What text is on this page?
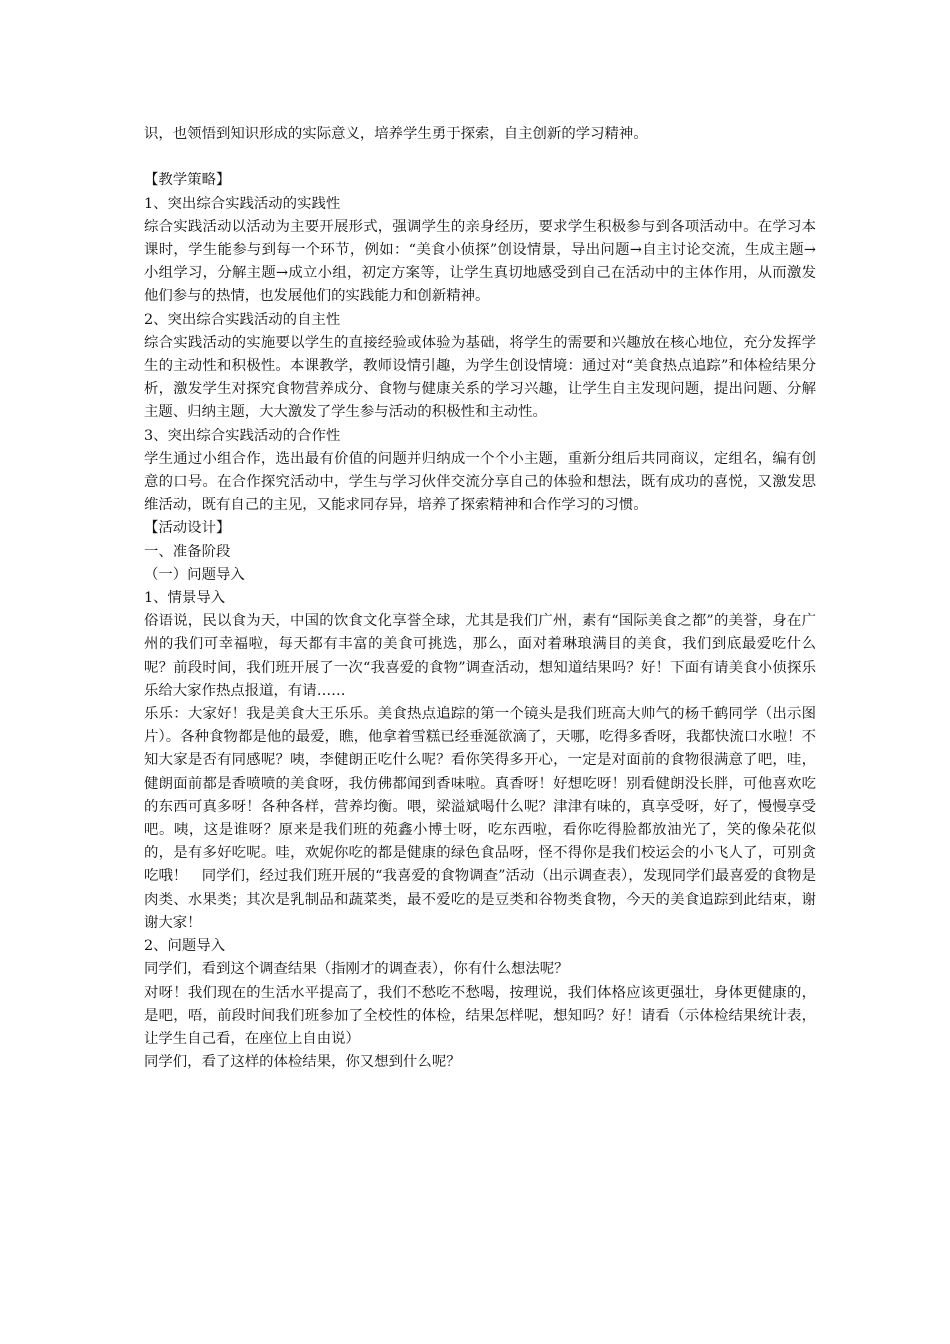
识，也领悟到知识形成的实际意义，培养学生勇于探索，自主创新的学习精神。

【教学策略】

1、突出综合实践活动的实践性

综合实践活动以活动为主要开展形式，强调学生的亲身经历，要求学生积极参与到各项活动中。在学习本课时，学生能参与到每一个环节，例如：“美食小侦探”创设情景，导出问题→自主讨论交流，生成主题→小组学习，分解主题→成立小组，初定方案等，让学生真切地感受到自己在活动中的主体作用，从而激发他们参与的热情，也发展他们的实践能力和创新精神。

2、突出综合实践活动的自主性

综合实践活动的实施要以学生的直接经验或体验为基础，将学生的需要和兴趣放在核心地位，充分发挥学生的主动性和积极性。本课教学，教师设情引趣，为学生创设情境：通过对“美食热点追踪”和体检结果分析，激发学生对探究食物营养成分、食物与健康关系的学习兴趣，让学生自主发现问题，提出问题、分解主题、归纳主题，大大激发了学生参与活动的积极性和主动性。

3、突出综合实践活动的合作性

学生通过小组合作，选出最有价值的问题并归纳成一个个小主题，重新分组后共同商议，定组名，编有创意的口号。在合作探究活动中，学生与学习伙伴交流分享自己的体验和想法，既有成功的喜悦，又激发思维活动，既有自己的主见，又能求同存异，培养了探索精神和合作学习的习惯。

【活动设计】

一、准备阶段

（一）问题导入

1、情景导入

俗语说，民以食为天，中国的饮食文化享誉全球，尤其是我们广州，素有“国际美食之都”的美誉，身在广州的我们可幸福啦，每天都有丰富的美食可挑选，那么，面对着琳琅满目的美食，我们到底最爱吃什么呢？前段时间，我们班开展了一次“我喜爱的食物”调查活动，想知道结果吗？好！下面有请美食小侦探乐乐给大家作热点报道，有请……

乐乐：大家好！我是美食大王乐乐。美食热点追踪的第一个镜头是我们班高大帅气的杨千鹤同学（出示图片）。各种食物都是他的最爱，瞧，他拿着雪糕已经垂涎欲滴了，天哪，吃得多香呀，我都快流口水啦！不知大家是否有同感呢？咦，李健朗正吃什么呢？看你笑得多开心，一定是对面前的食物很满意了吧，哇，健朗面前都是香喷喷的美食呀，我仿佛都闻到香味啦。真香呀！好想吃呀！别看健朗没长胖，可他喜欢吃的东西可真多呀！各种各样，营养均衡。喂，梁溢斌喝什么呢？津津有味的，真享受呀，好了，慢慢享受吧。咦，这是谁呀？原来是我们班的苑鑫小博士呀，吃东西啦，看你吃得脸都放油光了，笑的像朵花似的，是有多好吃呢。哇，欢妮你吃的都是健康的绿色食品呀，怪不得你是我们校运会的小飞人了，可别贪吃哦！　同学们，经过我们班开展的“我喜爱的食物调查”活动（出示调查表），发现同学们最喜爱的食物是肉类、水果类；其次是乳制品和蔬菜类，最不爱吃的是豆类和谷物类食物，今天的美食追踪到此结束，谢谢大家！

2、问题导入

同学们，看到这个调查结果（指刚才的调查表），你有什么想法呢？

对呀！我们现在的生活水平提高了，我们不愁吃不愁喝，按理说，我们体格应该更强壮，身体更健康的，是吧，唔，前段时间我们班参加了全校性的体检，结果怎样呢，想知吗？好！请看（示体检结果统计表，让学生自己看，在座位上自由说）

同学们，看了这样的体检结果，你又想到什么呢？
